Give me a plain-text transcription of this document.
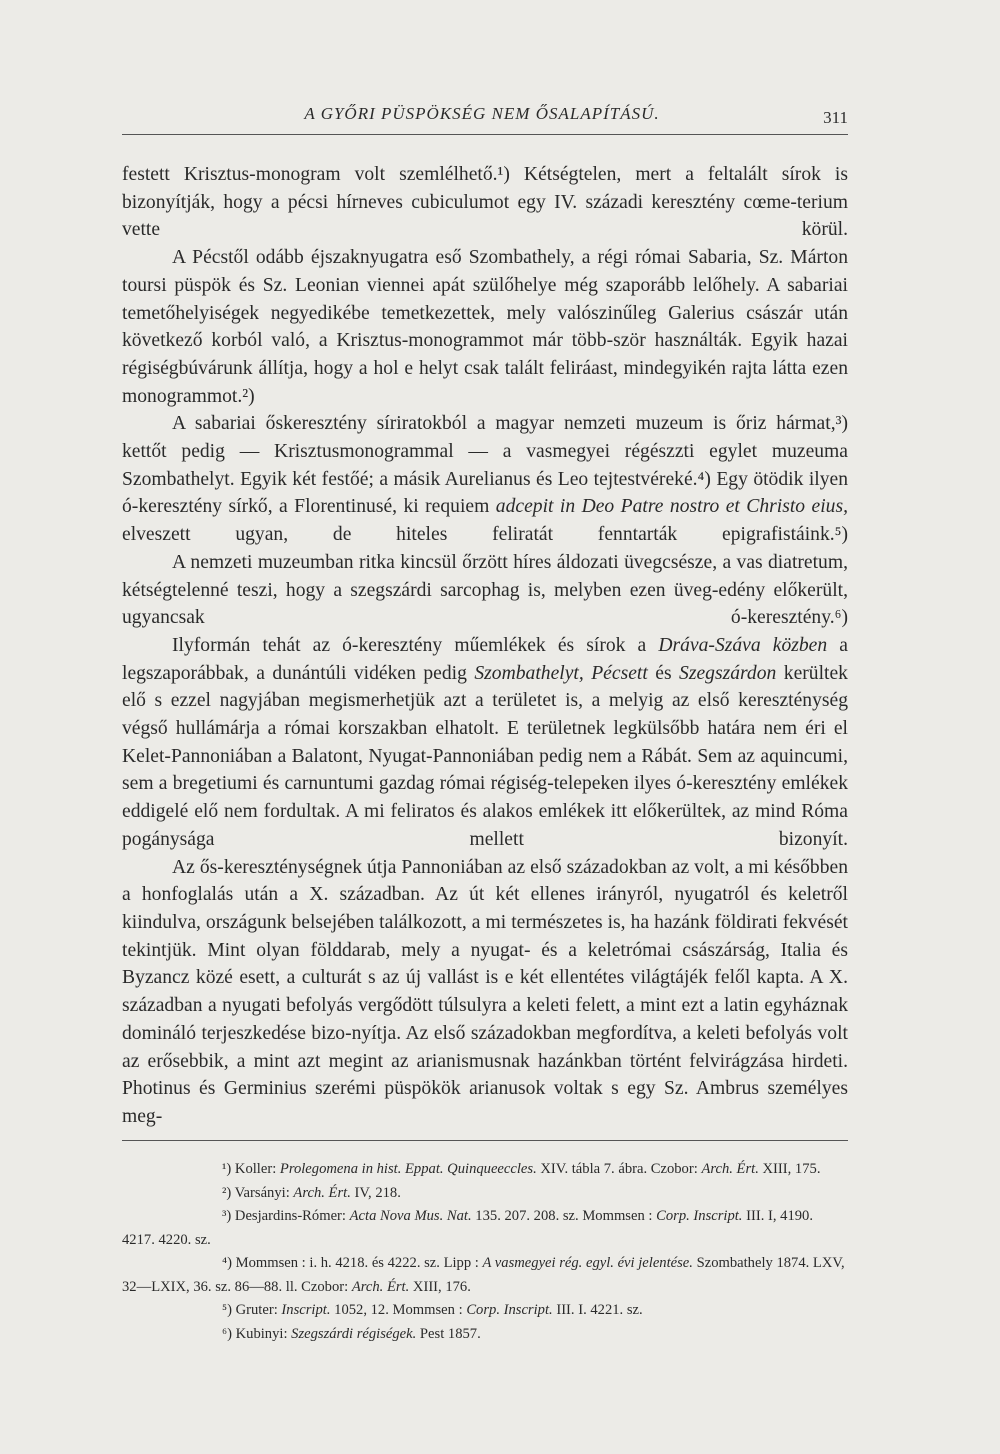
A GYŐRI PÜSPÖKSÉG NEM ŐSALAPÍTÁSÚ.	311

festett Krisztus-monogram volt szemlélhető.¹) Kétségtelen, mert a feltalált sírok is bizonyítják, hogy a pécsi hírneves cubiculumot egy IV. századi keresztény cœme-terium vette körül.

A Pécstől odább éjszaknyugatra eső Szombathely, a régi római Sabaria, Sz. Márton toursi püspök és Sz. Leonian viennei apát szülőhelye még szaporább lelőhely. A sabariai temetőhelyiségek negyedikébe temetkezettek, mely valószinűleg Galerius császár után következő korból való, a Krisztus-monogrammot már több-ször használták. Egyik hazai régiségbúvárunk állítja, hogy a hol e helyt csak talált feliráast, mindegyikén rajta látta ezen monogrammot.²)

A sabariai őskeresztény síriratokból a magyar nemzeti muzeum is őriz hármat,³) kettőt pedig — Krisztusmonogrammal — a vasmegyei régészzti egylet muzeuma Szombathelyt. Egyik két festőé; a másik Aurelianus és Leo tejtestvéreké.⁴) Egy ötödik ilyen ó-keresztény sírkő, a Florentinusé, ki requiem adcepit in Deo Patre nostro et Christo eius, elveszett ugyan, de hiteles feliratát fenntarták epigrafistáink.⁵)

A nemzeti muzeumban ritka kincsül őrzött híres áldozati üvegcsésze, a vas diatretum, kétségtelenné teszi, hogy a szegszárdi sarcophag is, melyben ezen üveg-edény előkerült, ugyancsak ó-keresztény.⁶)

Ilyformán tehát az ó-keresztény műemlékek és sírok a Dráva-Száva közben a legszaporábbak, a dunántúli vidéken pedig Szombathelyt, Pécsett és Szegszárdon kerültek elő s ezzel nagyjában megismerhetjük azt a területet is, a melyig az első kereszténység végső hullámárja a római korszakban elhatolt. E területnek legkülsőbb határa nem éri el Kelet-Pannoniában a Balatont, Nyugat-Pannoniában pedig nem a Rábát. Sem az aquincumi, sem a bregetiumi és carnuntumi gazdag római régiség-telepeken ilyes ó-keresztény emlékek eddigelé elő nem fordultak. A mi feliratos és alakos emlékek itt előkerültek, az mind Róma pogánysága mellett bizonyít.

Az ős-kereszténységnek útja Pannoniában az első századokban az volt, a mi későbben a honfoglalás után a X. században. Az út két ellenes irányról, nyugatról és keletről kiindulva, országunk belsejében találkozott, a mi természetes is, ha hazánk földirati fekvését tekintjük. Mint olyan földdarab, mely a nyugat- és a keletrómai császárság, Italia és Byzancz közé esett, a culturát s az új vallást is e két ellentétes világtájék felől kapta. A X. században a nyugati befolyás vergődött túlsulyra a keleti felett, a mint ezt a latin egyháznak domináló terjeszkedése bizo-nyítja. Az első századokban megfordítva, a keleti befolyás volt az erősebbik, a mint azt megint az arianismusnak hazánkban történt felvirágzása hirdeti. Photinus és Germinius szerémi püspökök arianusok voltak s egy Sz. Ambrus személyes meg-

¹) Koller: Prolegomena in hist. Eppat. Quinqueeccles. XIV. tábla 7. ábra. Czobor: Arch. Ért. XIII, 175.

²) Varsányi: Arch. Ért. IV, 218.

³) Desjardins-Rómer: Acta Nova Mus. Nat. 135. 207. 208. sz. Mommsen : Corp. Inscript. III. I, 4190. 4217. 4220. sz.

⁴) Mommsen : i. h. 4218. és 4222. sz. Lipp : A vasmegyei rég. egyl. évi jelentése. Szombathely 1874. LXV, 32—LXIX, 36. sz. 86—88. ll. Czobor: Arch. Ért. XIII, 176.

⁵) Gruter: Inscript. 1052, 12. Mommsen : Corp. Inscript. III. I. 4221. sz.

⁶) Kubinyi: Szegszárdi régiségek. Pest 1857.
